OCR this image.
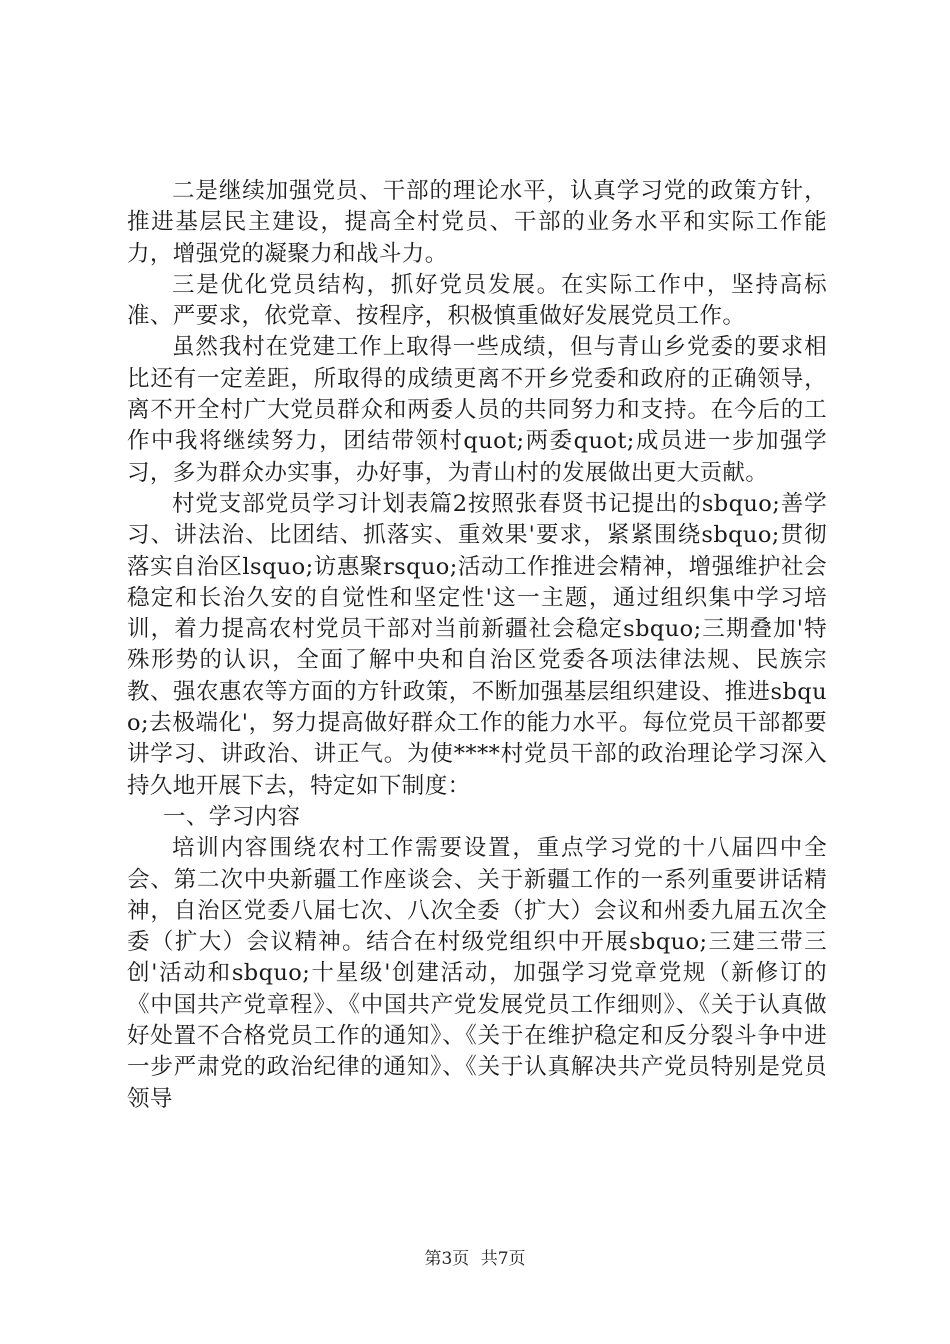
二是继续加强党员、干部的理论水平，认真学习党的政策方针，推进基层民主建设，提高全村党员、干部的业务水平和实际工作能力，增强党的凝聚力和战斗力。

三是优化党员结构，抓好党员发展。在实际工作中，坚持高标准、严要求，依党章、按程序，积极慎重做好发展党员工作。

虽然我村在党建工作上取得一些成绩，但与青山乡党委的要求相比还有一定差距，所取得的成绩更离不开乡党委和政府的正确领导，离不开全村广大党员群众和两委人员的共同努力和支持。在今后的工作中我将继续努力，团结带领村quot;两委quot;成员进一步加强学习，多为群众办实事，办好事，为青山村的发展做出更大贡献。

村党支部党员学习计划表篇2按照张春贤书记提出的sbquo;善学习、讲法治、比团结、抓落实、重效果'要求，紧紧围绕sbquo;贯彻落实自治区lsquo;访惠聚rsquo;活动工作推进会精神，增强维护社会稳定和长治久安的自觉性和坚定性'这一主题，通过组织集中学习培训，着力提高农村党员干部对当前新疆社会稳定sbquo;三期叠加'特殊形势的认识，全面了解中央和自治区党委各项法律法规、民族宗教、强农惠农等方面的方针政策，不断加强基层组织建设、推进sbquo;去极端化'，努力提高做好群众工作的能力水平。每位党员干部都要讲学习、讲政治、讲正气。为使****村党员干部的政治理论学习深入持久地开展下去，特定如下制度：

一、学习内容

培训内容围绕农村工作需要设置，重点学习党的十八届四中全会、第二次中央新疆工作座谈会、关于新疆工作的一系列重要讲话精神，自治区党委八届七次、八次全委（扩大）会议和州委九届五次全委（扩大）会议精神。结合在村级党组织中开展sbquo;三建三带三创'活动和sbquo;十星级'创建活动，加强学习党章党规（新修订的《中国共产党章程》、《中国共产党发展党员工作细则》、《关于认真做好处置不合格党员工作的通知》、《关于在维护稳定和反分裂斗争中进一步严肃党的政治纪律的通知》、《关于认真解决共产党员特别是党员领导

第3页 共7页
